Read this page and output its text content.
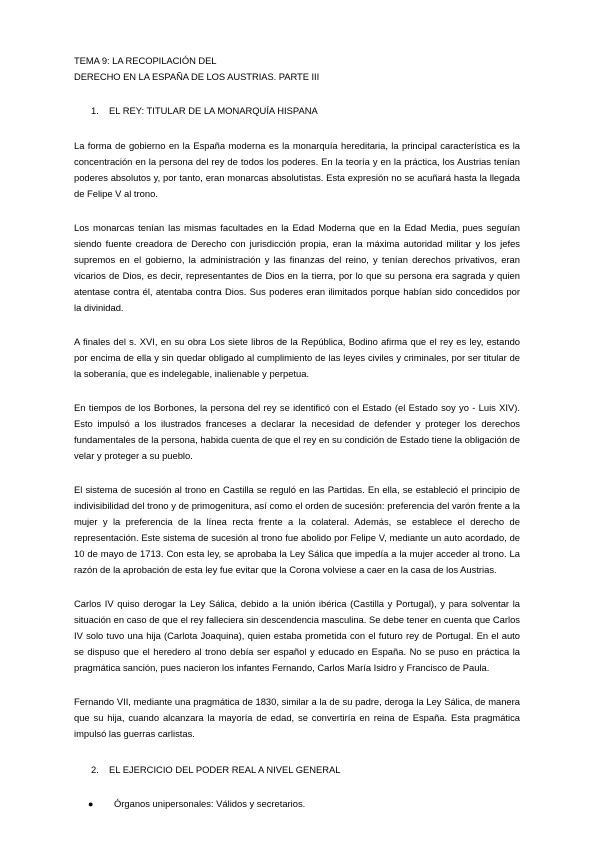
TEMA 9: LA RECOPILACIÓN DEL

DERECHO EN LA ESPAÑA DE LOS AUSTRIAS. PARTE III

1.	EL REY: TITULAR DE LA MONARQUÍA HISPANA

La forma de gobierno en la España moderna es la monarquía hereditaria, la principal característica es la concentración en la persona del rey de todos los poderes. En la teoría y en la práctica, los Austrias tenían poderes absolutos y, por tanto, eran monarcas absolutistas. Esta expresión no se acuñará hasta la llegada de Felipe V al trono.

Los monarcas tenían las mismas facultades en la Edad Moderna que en la Edad Media, pues seguían siendo fuente creadora de Derecho con jurisdicción propia, eran la máxima autoridad militar y los jefes supremos en el gobierno, la administración y las finanzas del reino, y tenían derechos privativos, eran vicarios de Dios, es decir, representantes de Dios en la tierra, por lo que su persona era sagrada y quien atentase contra él, atentaba contra Dios. Sus poderes eran ilimitados porque habían sido concedidos por la divinidad.

A finales del s. XVI, en su obra Los siete libros de la República, Bodino afirma que el rey es ley, estando por encima de ella y sin quedar obligado al cumplimiento de las leyes civiles y criminales, por ser titular de la soberanía, que es indelegable, inalienable y perpetua.

En tiempos de los Borbones, la persona del rey se identificó con el Estado (el Estado soy yo - Luis XIV). Esto impulsó a los ilustrados franceses a declarar la necesidad de defender y proteger los derechos fundamentales de la persona, habida cuenta de que el rey en su condición de Estado tiene la obligación de velar y proteger a su pueblo.

El sistema de sucesión al trono en Castilla se reguló en las Partidas. En ella, se estableció el principio de indivisibilidad del trono y de primogenitura, así como el orden de sucesión: preferencia del varón frente a la mujer y la preferencia de la línea recta frente a la colateral. Además, se establece el derecho de representación. Este sistema de sucesión al trono fue abolido por Felipe V, mediante un auto acordado, de 10 de mayo de 1713. Con esta ley, se aprobaba la Ley Sálica que impedía a la mujer acceder al trono. La razón de la aprobación de esta ley fue evitar que la Corona volviese a caer en la casa de los Austrias.

Carlos IV quiso derogar la Ley Sálica, debido a la unión ibérica (Castilla y Portugal), y para solventar la situación en caso de que el rey falleciera sin descendencia masculina. Se debe tener en cuenta que Carlos IV solo tuvo una hija (Carlota Joaquina), quien estaba prometida con el futuro rey de Portugal. En el auto se dispuso que el heredero al trono debía ser español y educado en España. No se puso en práctica la pragmática sanción, pues nacieron los infantes Fernando, Carlos María Isidro y Francisco de Paula.

Fernando VII, mediante una pragmática de 1830, similar a la de su padre, deroga la Ley Sálica, de manera que su hija, cuando alcanzara la mayoría de edad, se convertiría en reina de España. Esta pragmática impulsó las guerras carlistas.

2.	EL EJERCICIO DEL PODER REAL A NIVEL GENERAL
●	Órganos unipersonales: Válidos y secretarios.
